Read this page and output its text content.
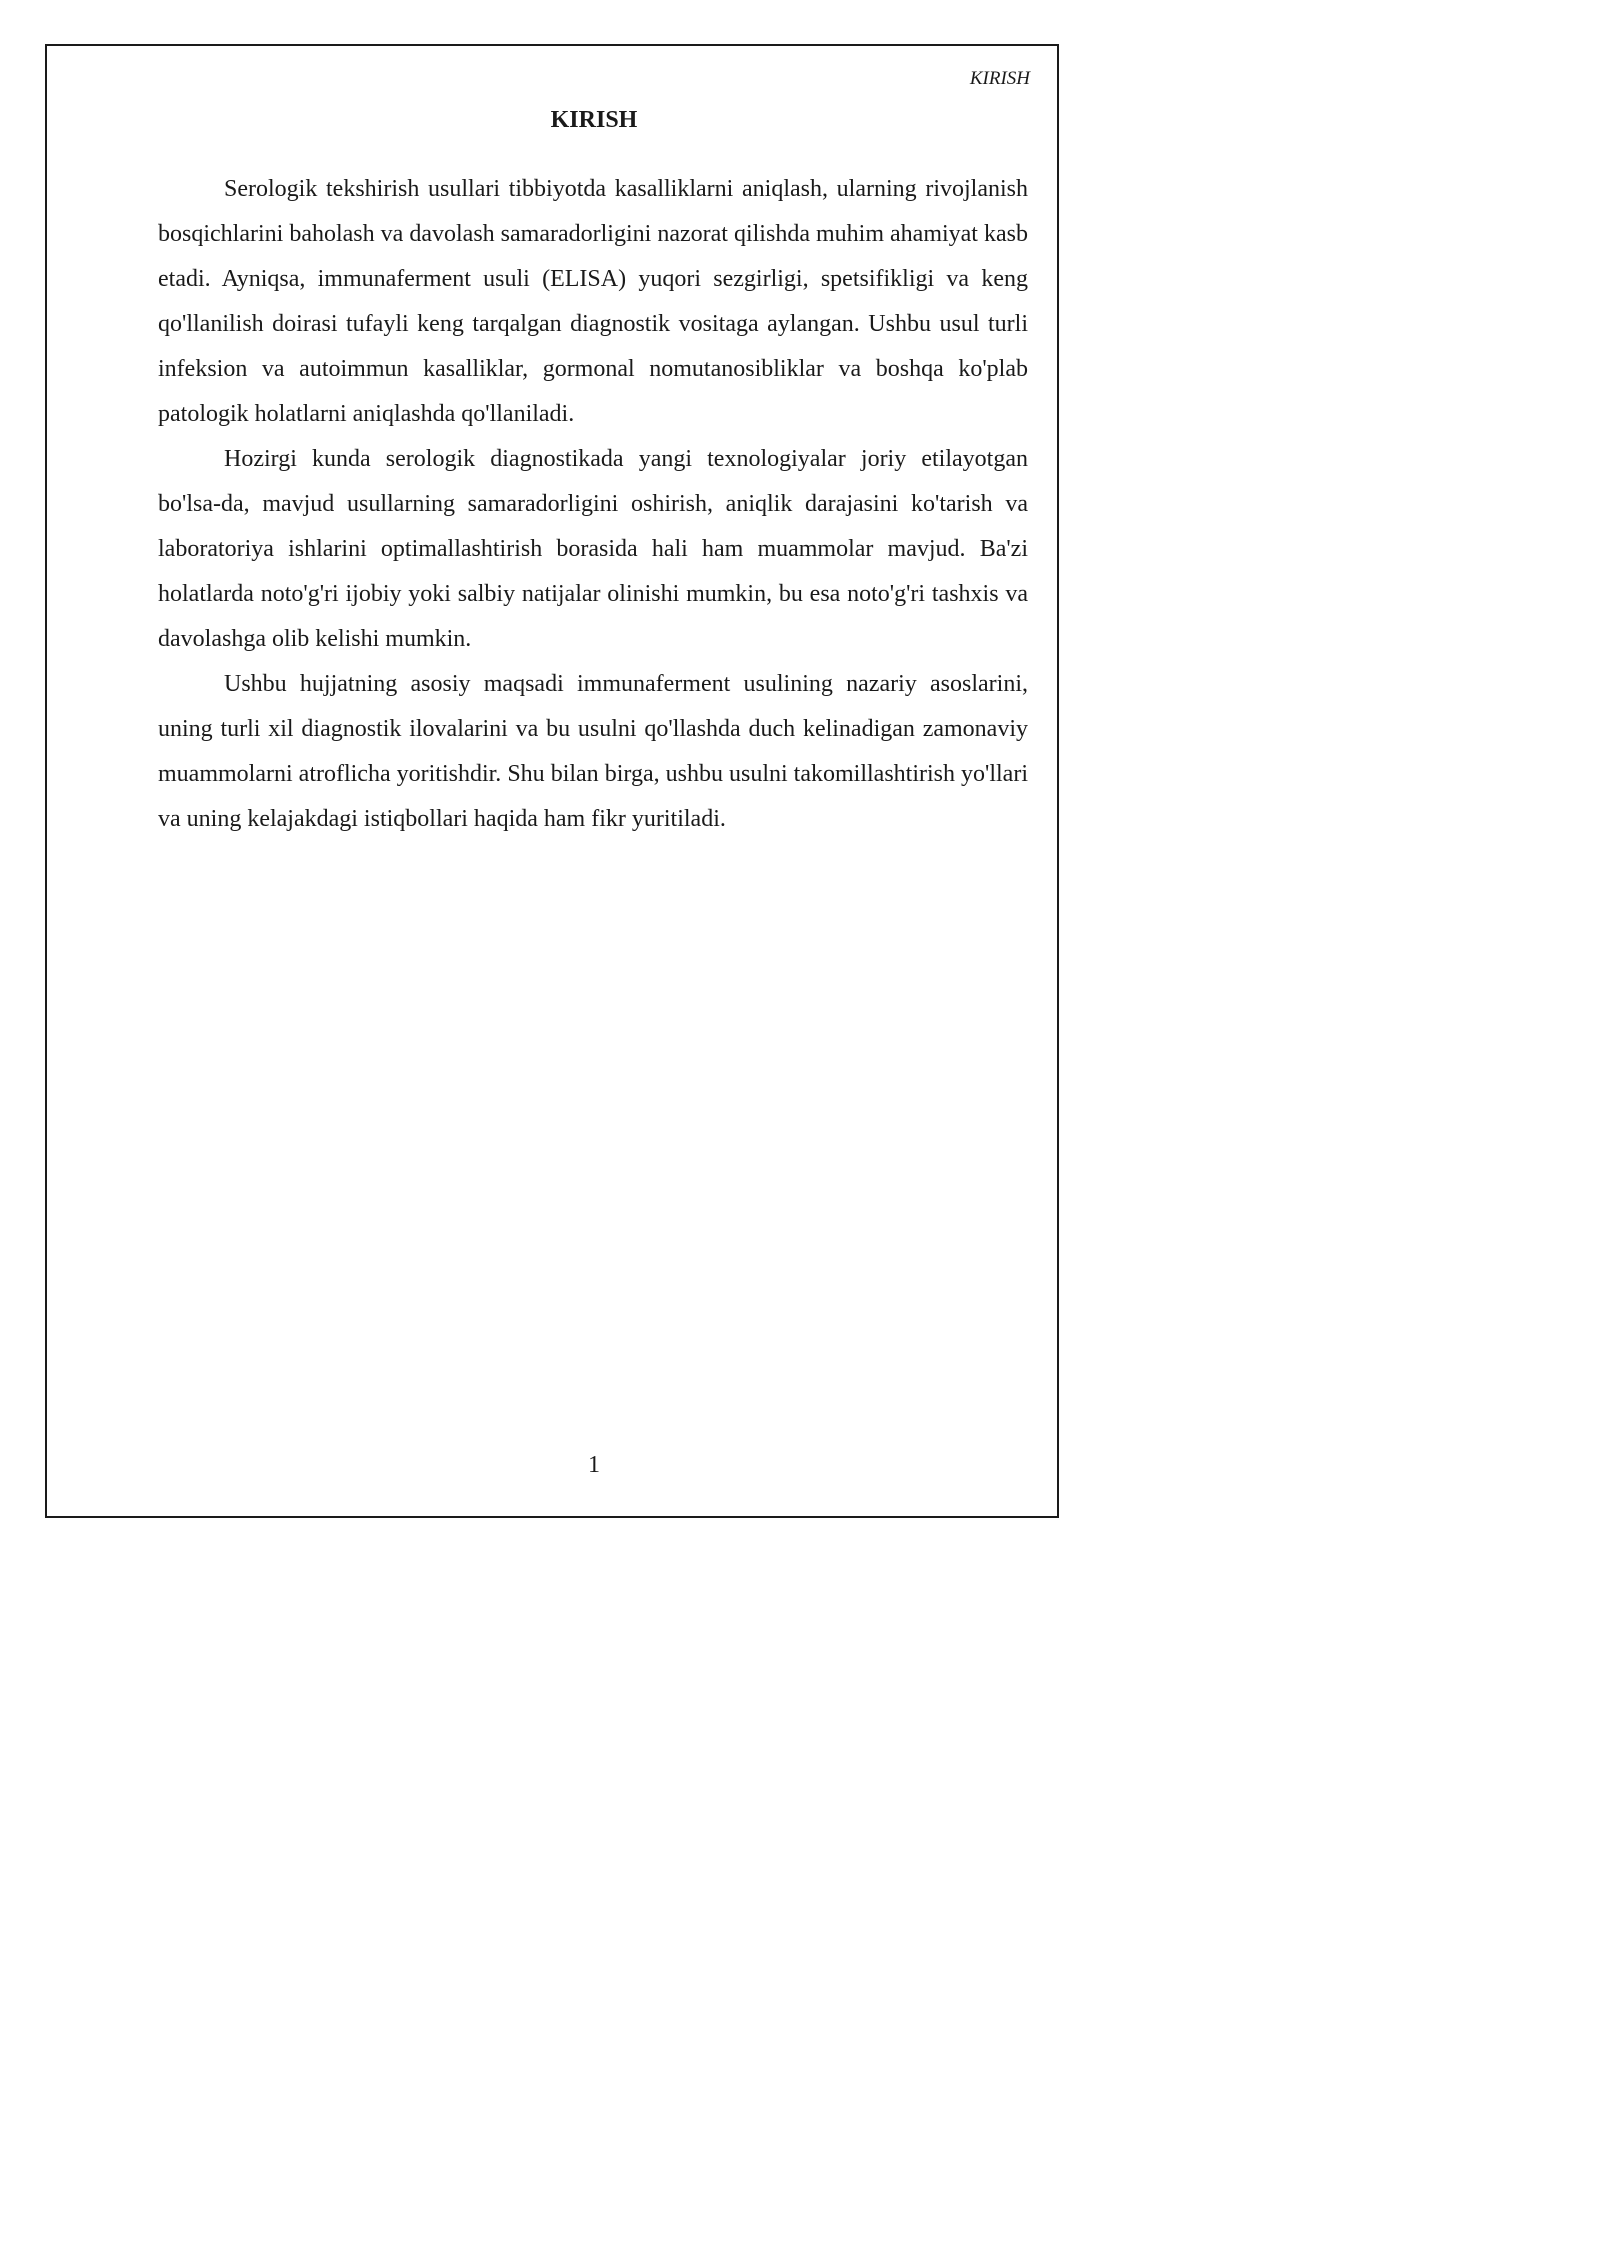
KIRISH
KIRISH

Serologik tekshirish usullari tibbiyotda kasalliklarni aniqlash, ularning rivojlanish bosqichlarini baholash va davolash samaradorligini nazorat qilishda muhim ahamiyat kasb etadi. Ayniqsa, immunaferment usuli (ELISA) yuqori sezgirligi, spetsifikligi va keng qo'llanilish doirasi tufayli keng tarqalgan diagnostik vositaga aylangan. Ushbu usul turli infeksion va autoimmun kasalliklar, gormonal nomutanosibliklar va boshqa ko'plab patologik holatlarni aniqlashda qo'llaniladi.

Hozirgi kunda serologik diagnostikada yangi texnologiyalar joriy etilayotgan bo'lsa-da, mavjud usullarning samaradorligini oshirish, aniqlik darajasini ko'tarish va laboratoriya ishlarini optimallashtirish borasida hali ham muammolar mavjud. Ba'zi holatlarda noto'g'ri ijobiy yoki salbiy natijalar olinishi mumkin, bu esa noto'g'ri tashxis va davolashga olib kelishi mumkin.

Ushbu hujjatning asosiy maqsadi immunaferment usulining nazariy asoslarini, uning turli xil diagnostik ilovalarini va bu usulni qo'llashda duch kelinadigan zamonaviy muammolarni atroflicha yoritishdir. Shu bilan birga, ushbu usulni takomillashtirish yo'llari va uning kelajakdagi istiqbollari haqida ham fikr yuritiladi.

1
